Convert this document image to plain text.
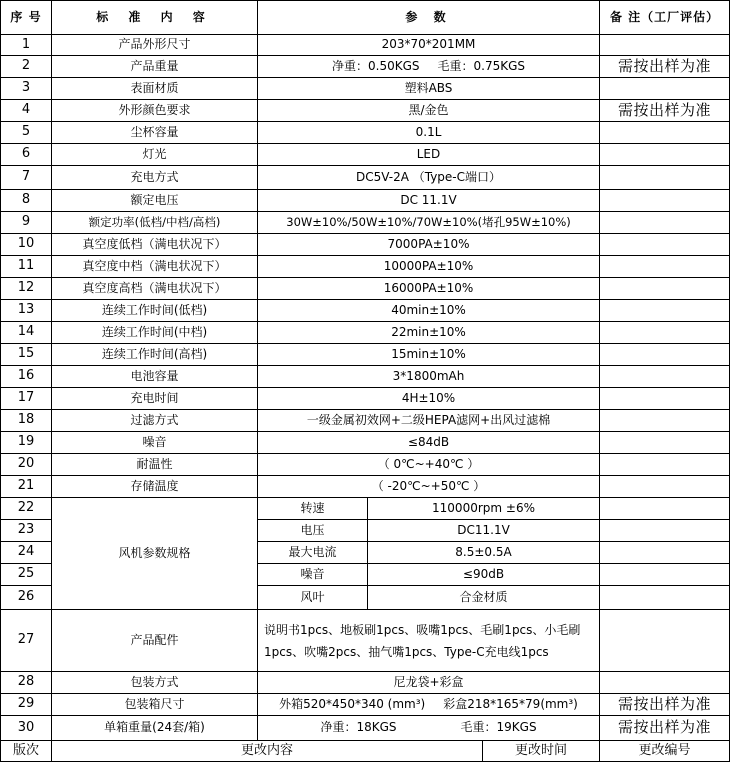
序 号	标 准 内 容	参 数			备 注（工厂评估）
1	产品外形尺寸	203*70*201MM			
2	产品重量	净重：0.50KGS 毛重：0.75KGS			需按出样为准
3	表面材质	塑料ABS			
4	外形颜色要求	黑/金色			需按出样为准
5	尘杯容量	0.1L			
6	灯光	LED			
7	充电方式	DC5V-2A （Type-C端口）			
8	额定电压	DC 11.1V			
9	额定功率(低档/中档/高档)	30W±10%/50W±10%/70W±10%(堵孔95W±10%)			
10	真空度低档（满电状况下）	7000PA±10%			
11	真空度中档（满电状况下）	10000PA±10%			
12	真空度高档（满电状况下）	16000PA±10%			
13	连续工作时间(低档)	40min±10%			
14	连续工作时间(中档)	22min±10%			
15	连续工作时间(高档)	15min±10%			
16	电池容量	3*1800mAh			
17	充电时间	4H±10%			
18	过滤方式	一级金属初效网+二级HEPA滤网+出风过滤棉			
19	噪音	≤84dB			
20	耐温性	（ 0℃~+40℃ ）			
21	存储温度	（ -20℃~+50℃ ）			
22	风机参数规格	转速	110000rpm ±6%		
23		电压	DC11.1V		
24		最大电流	8.5±0.5A		
25		噪音	≤90dB		
26		风叶	合金材质		
27	产品配件	说明书1pcs、地板刷1pcs、吸嘴1pcs、毛刷1pcs、小毛刷1pcs、吹嘴2pcs、抽气嘴1pcs、Type-C充电线1pcs			
28	包装方式	尼龙袋+彩盒			
29	包装箱尺寸	外箱520*450*340 (mm³) 彩盒218*165*79(mm³)			需按出样为准
30	单箱重量(24套/箱)	净重：18KGS 毛重：19KGS			需按出样为准
版次	更改内容			更改时间	更改编号
